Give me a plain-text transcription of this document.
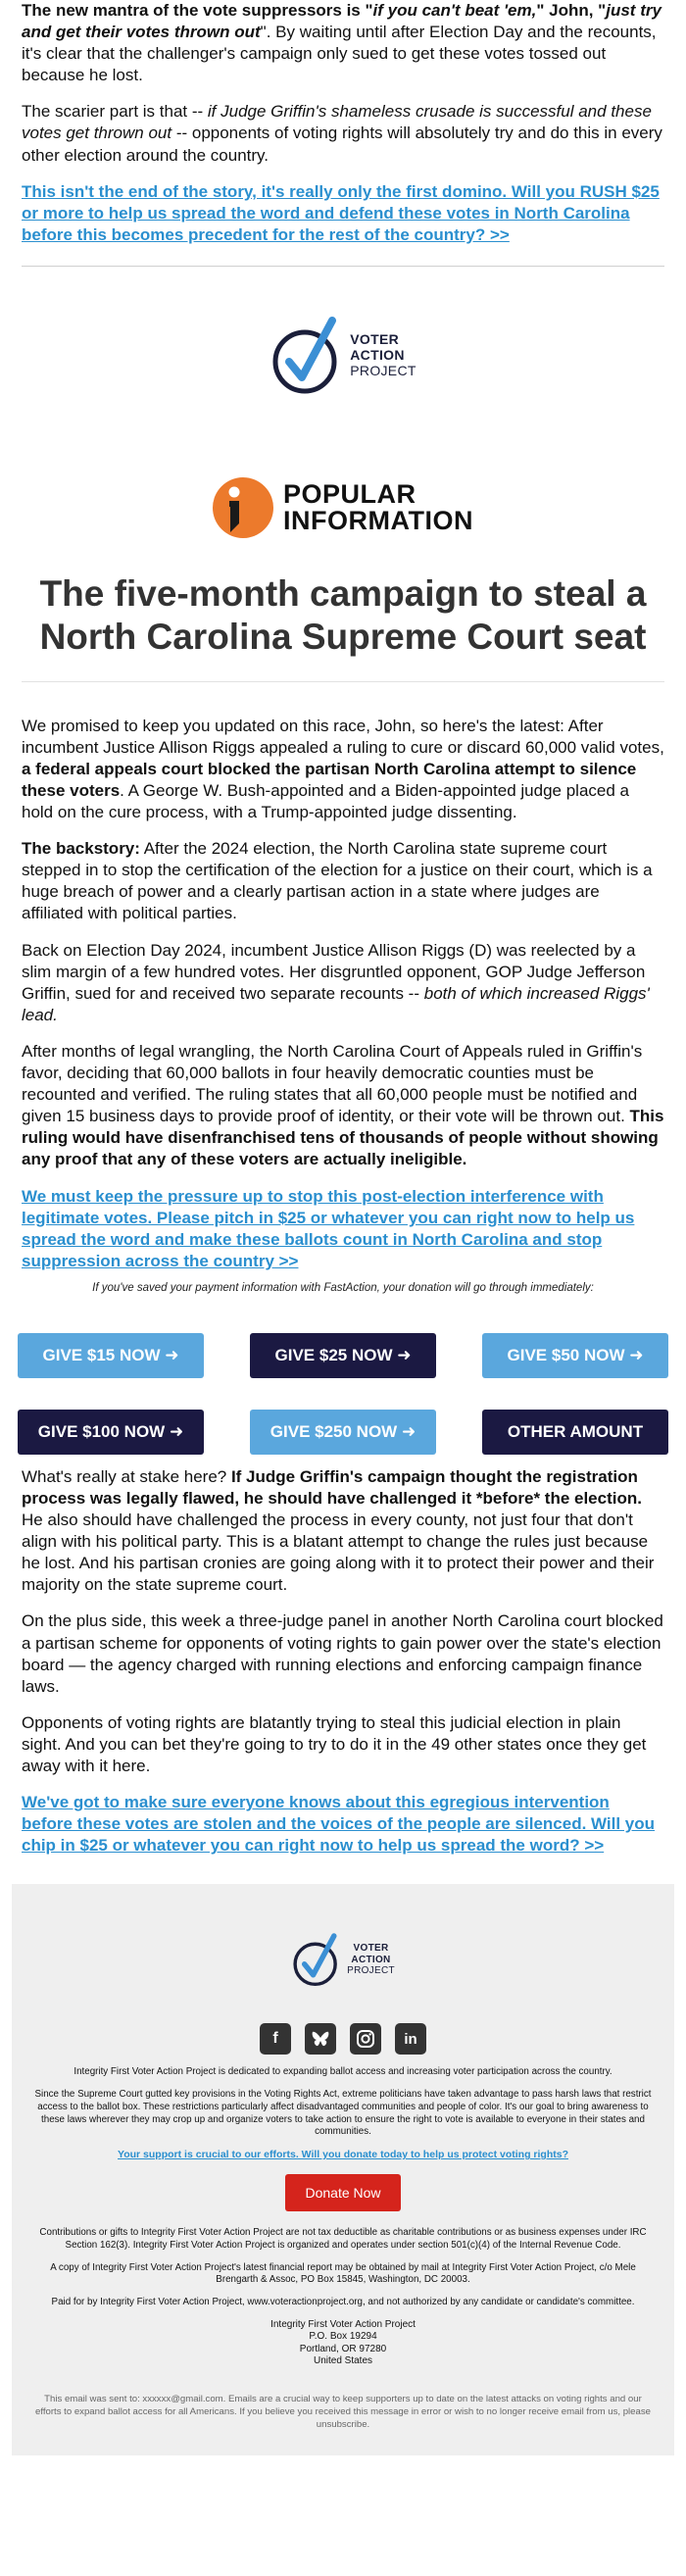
The new mantra of the vote suppressors is "if you can't beat 'em," John, "just try and get their votes thrown out". By waiting until after Election Day and the recounts, it's clear that the challenger's campaign only sued to get these votes tossed out because he lost.

The scarier part is that -- if Judge Griffin's shameless crusade is successful and these votes get thrown out -- opponents of voting rights will absolutely try and do this in every other election around the country.

This isn't the end of the story, it's really only the first domino. Will you RUSH $25 or more to help us spread the word and defend these votes in North Carolina before this becomes precedent for the rest of the country? >>
VOTER
ACTION
PROJECT
POPULAR
INFORMATION
The five-month campaign to steal a North Carolina Supreme Court seat

We promised to keep you updated on this race, John, so here's the latest: After incumbent Justice Allison Riggs appealed a ruling to cure or discard 60,000 valid votes, a federal appeals court blocked the partisan North Carolina attempt to silence these voters. A George W. Bush-appointed and a Biden-appointed judge placed a hold on the cure process, with a Trump-appointed judge dissenting.

The backstory: After the 2024 election, the North Carolina state supreme court stepped in to stop the certification of the election for a justice on their court, which is a huge breach of power and a clearly partisan action in a state where judges are affiliated with political parties.

Back on Election Day 2024, incumbent Justice Allison Riggs (D) was reelected by a slim margin of a few hundred votes. Her disgruntled opponent, GOP Judge Jefferson Griffin, sued for and received two separate recounts -- both of which increased Riggs' lead.

After months of legal wrangling, the North Carolina Court of Appeals ruled in Griffin's favor, deciding that 60,000 ballots in four heavily democratic counties must be recounted and verified. The ruling states that all 60,000 people must be notified and given 15 business days to provide proof of identity, or their vote will be thrown out. This ruling would have disenfranchised tens of thousands of people without showing any proof that any of these voters are actually ineligible.

We must keep the pressure up to stop this post-election interference with legitimate votes. Please pitch in $25 or whatever you can right now to help us spread the word and make these ballots count in North Carolina and stop suppression across the country >>

If you've saved your payment information with FastAction, your donation will go through immediately:

GIVE $15 NOW ➜	GIVE $25 NOW ➜	GIVE $50 NOW ➜
GIVE $100 NOW ➜	GIVE $250 NOW ➜	OTHER AMOUNT

What's really at stake here? If Judge Griffin's campaign thought the registration process was legally flawed, he should have challenged it *before* the election. He also should have challenged the process in every county, not just four that don't align with his political party. This is a blatant attempt to change the rules just because he lost. And his partisan cronies are going along with it to protect their power and their majority on the state supreme court.

On the plus side, this week a three-judge panel in another North Carolina court blocked a partisan scheme for opponents of voting rights to gain power over the state's election board — the agency charged with running elections and enforcing campaign finance laws.

Opponents of voting rights are blatantly trying to steal this judicial election in plain sight. And you can bet they're going to try to do it in the 49 other states once they get away with it here.

We've got to make sure everyone knows about this egregious intervention before these votes are stolen and the voices of the people are silenced. Will you chip in $25 or whatever you can right now to help us spread the word? >>
VOTER
ACTION
PROJECT
f	in

Integrity First Voter Action Project is dedicated to expanding ballot access and increasing voter participation across the country.

Since the Supreme Court gutted key provisions in the Voting Rights Act, extreme politicians have taken advantage to pass harsh laws that restrict access to the ballot box. These restrictions particularly affect disadvantaged communities and people of color. It's our goal to bring awareness to these laws wherever they may crop up and organize voters to take action to ensure the right to vote is available to everyone in their states and communities.

Your support is crucial to our efforts. Will you donate today to help us protect voting rights?
Donate Now

Contributions or gifts to Integrity First Voter Action Project are not tax deductible as charitable contributions or as business expenses under IRC Section 162(3). Integrity First Voter Action Project is organized and operates under section 501(c)(4) of the Internal Revenue Code.

A copy of Integrity First Voter Action Project's latest financial report may be obtained by mail at Integrity First Voter Action Project, c/o Mele Brengarth & Assoc, PO Box 15845, Washington, DC 20003.

Paid for by Integrity First Voter Action Project, www.voteractionproject.org, and not authorized by any candidate or candidate's committee.

Integrity First Voter Action Project
P.O. Box 19294
Portland, OR 97280
United States

This email was sent to: xxxxxx@gmail.com. Emails are a crucial way to keep supporters up to date on the latest attacks on voting rights and our efforts to expand ballot access for all Americans. If you believe you received this message in error or wish to no longer receive email from us, please unsubscribe.
